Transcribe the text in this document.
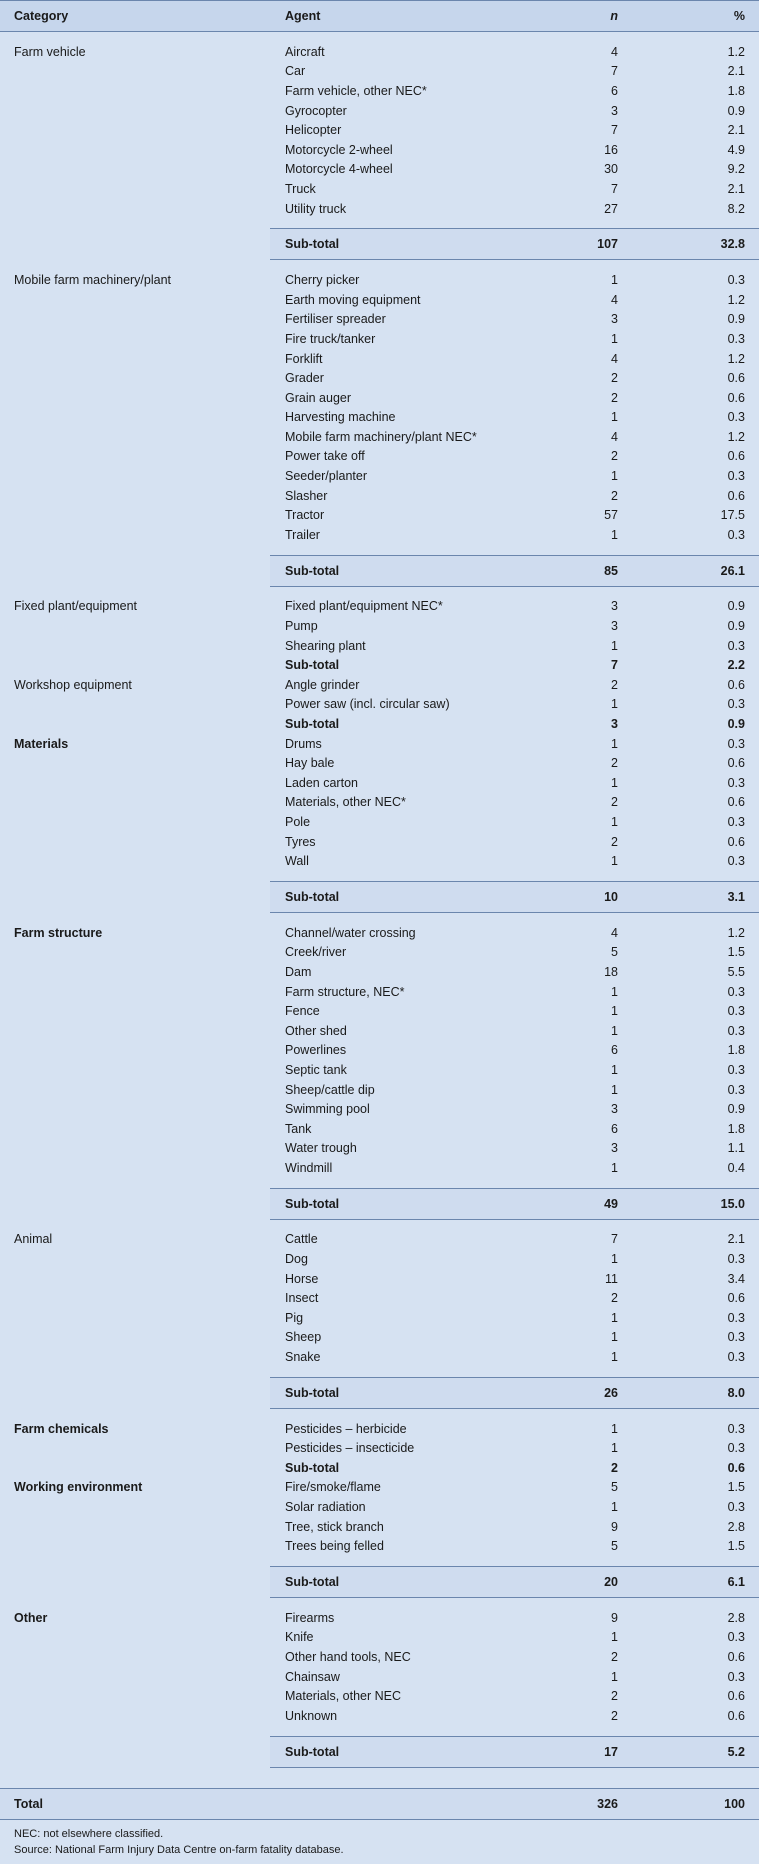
Category	Agent	n	%
Farm vehicle	Aircraft	4	1.2
Car	7	2.1
Farm vehicle, other NEC*	6	1.8
Gyrocopter	3	0.9
Helicopter	7	2.1
Motorcycle 2-wheel	16	4.9
Motorcycle 4-wheel	30	9.2
Truck	7	2.1
Utility truck	27	8.2
Sub-total	107	32.8
Mobile farm machinery/plant	Cherry picker	1	0.3
Earth moving equipment	4	1.2
Fertiliser spreader	3	0.9
Fire truck/tanker	1	0.3
Forklift	4	1.2
Grader	2	0.6
Grain auger	2	0.6
Harvesting machine	1	0.3
Mobile farm machinery/plant NEC*	4	1.2
Power take off	2	0.6
Seeder/planter	1	0.3
Slasher	2	0.6
Tractor	57	17.5
Trailer	1	0.3
Sub-total	85	26.1
Fixed plant/equipment	Fixed plant/equipment NEC*	3	0.9
Pump	3	0.9
Shearing plant	1	0.3
Sub-total	7	2.2
Workshop equipment	Angle grinder	2	0.6
Power saw (incl. circular saw)	1	0.3
Sub-total	3	0.9
Materials	Drums	1	0.3
Hay bale	2	0.6
Laden carton	1	0.3
Materials, other NEC*	2	0.6
Pole	1	0.3
Tyres	2	0.6
Wall	1	0.3
Sub-total	10	3.1
Farm structure	Channel/water crossing	4	1.2
Creek/river	5	1.5
Dam	18	5.5
Farm structure, NEC*	1	0.3
Fence	1	0.3
Other shed	1	0.3
Powerlines	6	1.8
Septic tank	1	0.3
Sheep/cattle dip	1	0.3
Swimming pool	3	0.9
Tank	6	1.8
Water trough	3	1.1
Windmill	1	0.4
Sub-total	49	15.0
Animal	Cattle	7	2.1
Dog	1	0.3
Horse	11	3.4
Insect	2	0.6
Pig	1	0.3
Sheep	1	0.3
Snake	1	0.3
Sub-total	26	8.0
Farm chemicals	Pesticides – herbicide	1	0.3
Pesticides – insecticide	1	0.3
Sub-total	2	0.6
Working environment	Fire/smoke/flame	5	1.5
Solar radiation	1	0.3
Tree, stick branch	9	2.8
Trees being felled	5	1.5
Sub-total	20	6.1
Other	Firearms	9	2.8
Knife	1	0.3
Other hand tools, NEC	2	0.6
Chainsaw	1	0.3
Materials, other NEC	2	0.6
Unknown	2	0.6
Sub-total	17	5.2
Total	326	100
NEC: not elsewhere classified.
Source: National Farm Injury Data Centre on-farm fatality database.
